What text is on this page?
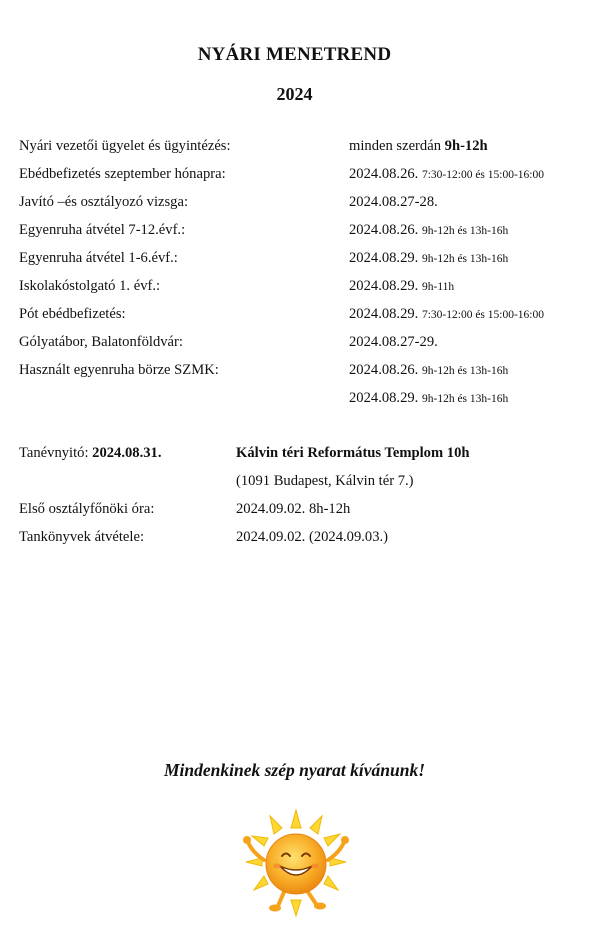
NYÁRI MENETREND
2024
Nyári vezetői ügyelet és ügyintézés:	minden szerdán 9h-12h
Ebédbefizetés szeptember hónapra:	2024.08.26. 7:30-12:00 és 15:00-16:00
Javító –és osztályozó vizsga:	2024.08.27-28.
Egyenruha átvétel 7-12.évf.:	2024.08.26. 9h-12h és 13h-16h
Egyenruha átvétel 1-6.évf.:	2024.08.29. 9h-12h és 13h-16h
Iskolakóstolgató 1. évf.:	2024.08.29. 9h-11h
Pót ebédbefizetés:	2024.08.29. 7:30-12:00 és 15:00-16:00
Gólyatábor, Balatonföldvár:	2024.08.27-29.
Használt egyenruha börze SZMK:	2024.08.26. 9h-12h és 13h-16h
2024.08.29. 9h-12h és 13h-16h
Tanévnyitó: 2024.08.31.	Kálvin téri Református Templom 10h
(1091 Budapest, Kálvin tér 7.)
Első osztályfőnöki óra:	2024.09.02. 8h-12h
Tankönyvek átvétele:	2024.09.02. (2024.09.03.)
Mindenkinek szép nyarat kívánunk!
